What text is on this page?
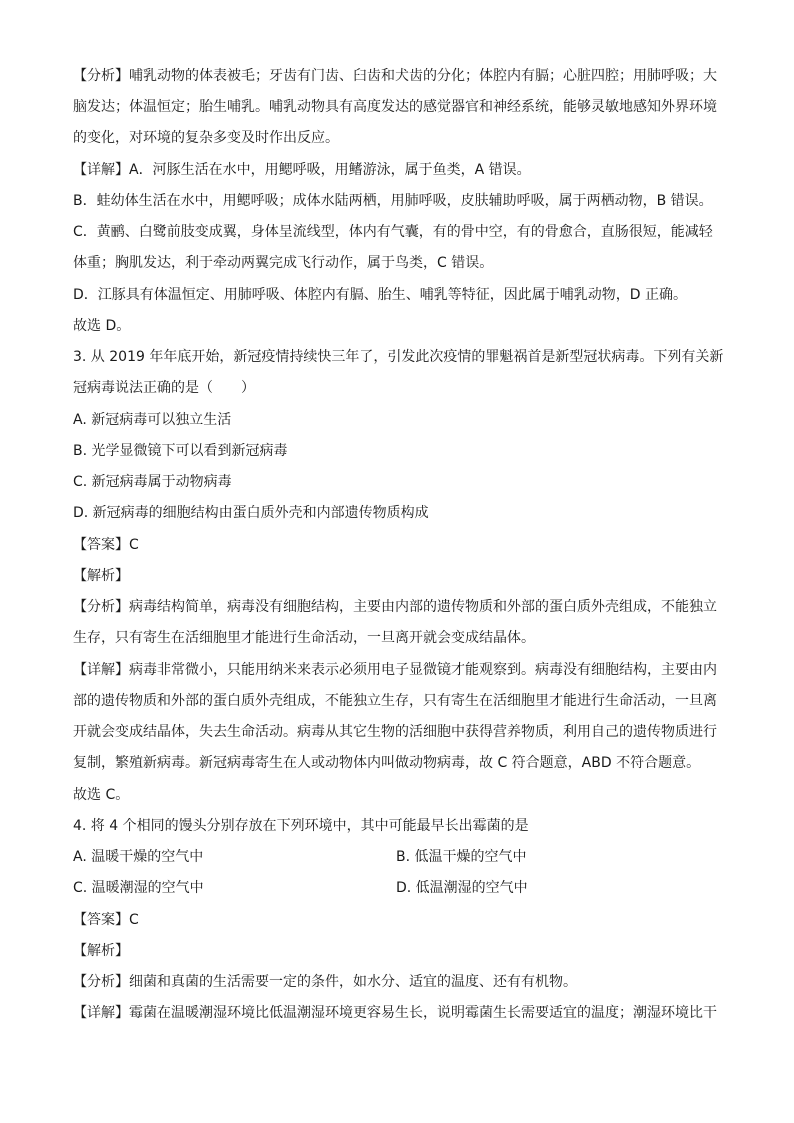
【分析】哺乳动物的体表被毛；牙齿有门齿、臼齿和犬齿的分化；体腔内有膈；心脏四腔；用肺呼吸；大
脑发达；体温恒定；胎生哺乳。哺乳动物具有高度发达的感觉器官和神经系统，能够灵敏地感知外界环境
的变化，对环境的复杂多变及时作出反应。
【详解】A．河豚生活在水中，用鳃呼吸，用鳍游泳，属于鱼类，A 错误。
B．蛙幼体生活在水中，用鳃呼吸；成体水陆两栖，用肺呼吸，皮肤辅助呼吸，属于两栖动物，B 错误。
C．黄鹂、白鹭前肢变成翼，身体呈流线型，体内有气囊，有的骨中空，有的骨愈合，直肠很短，能减轻
体重；胸肌发达，利于牵动两翼完成飞行动作，属于鸟类，C 错误。
D．江豚具有体温恒定、用肺呼吸、体腔内有膈、胎生、哺乳等特征，因此属于哺乳动物，D 正确。
故选 D。
3. 从 2019 年年底开始，新冠疫情持续快三年了，引发此次疫情的罪魁祸首是新型冠状病毒。下列有关新
冠病毒说法正确的是（　　）
A. 新冠病毒可以独立生活
B. 光学显微镜下可以看到新冠病毒
C. 新冠病毒属于动物病毒
D. 新冠病毒的细胞结构由蛋白质外壳和内部遗传物质构成
【答案】C
【解析】
【分析】病毒结构简单，病毒没有细胞结构，主要由内部的遗传物质和外部的蛋白质外壳组成，不能独立
生存，只有寄生在活细胞里才能进行生命活动，一旦离开就会变成结晶体。
【详解】病毒非常微小，只能用纳米来表示必须用电子显微镜才能观察到。病毒没有细胞结构，主要由内
部的遗传物质和外部的蛋白质外壳组成，不能独立生存，只有寄生在活细胞里才能进行生命活动，一旦离
开就会变成结晶体，失去生命活动。病毒从其它生物的活细胞中获得营养物质，利用自己的遗传物质进行
复制，繁殖新病毒。新冠病毒寄生在人或动物体内叫做动物病毒，故 C 符合题意，ABD 不符合题意。
故选 C。
4. 将 4 个相同的馒头分别存放在下列环境中，其中可能最早长出霉菌的是
A. 温暖干燥的空气中	B. 低温干燥的空气中
C. 温暖潮湿的空气中	D. 低温潮湿的空气中
【答案】C
【解析】
【分析】细菌和真菌的生活需要一定的条件，如水分、适宜的温度、还有有机物。
【详解】霉菌在温暖潮湿环境比低温潮湿环境更容易生长，说明霉菌生长需要适宜的温度；潮湿环境比干
